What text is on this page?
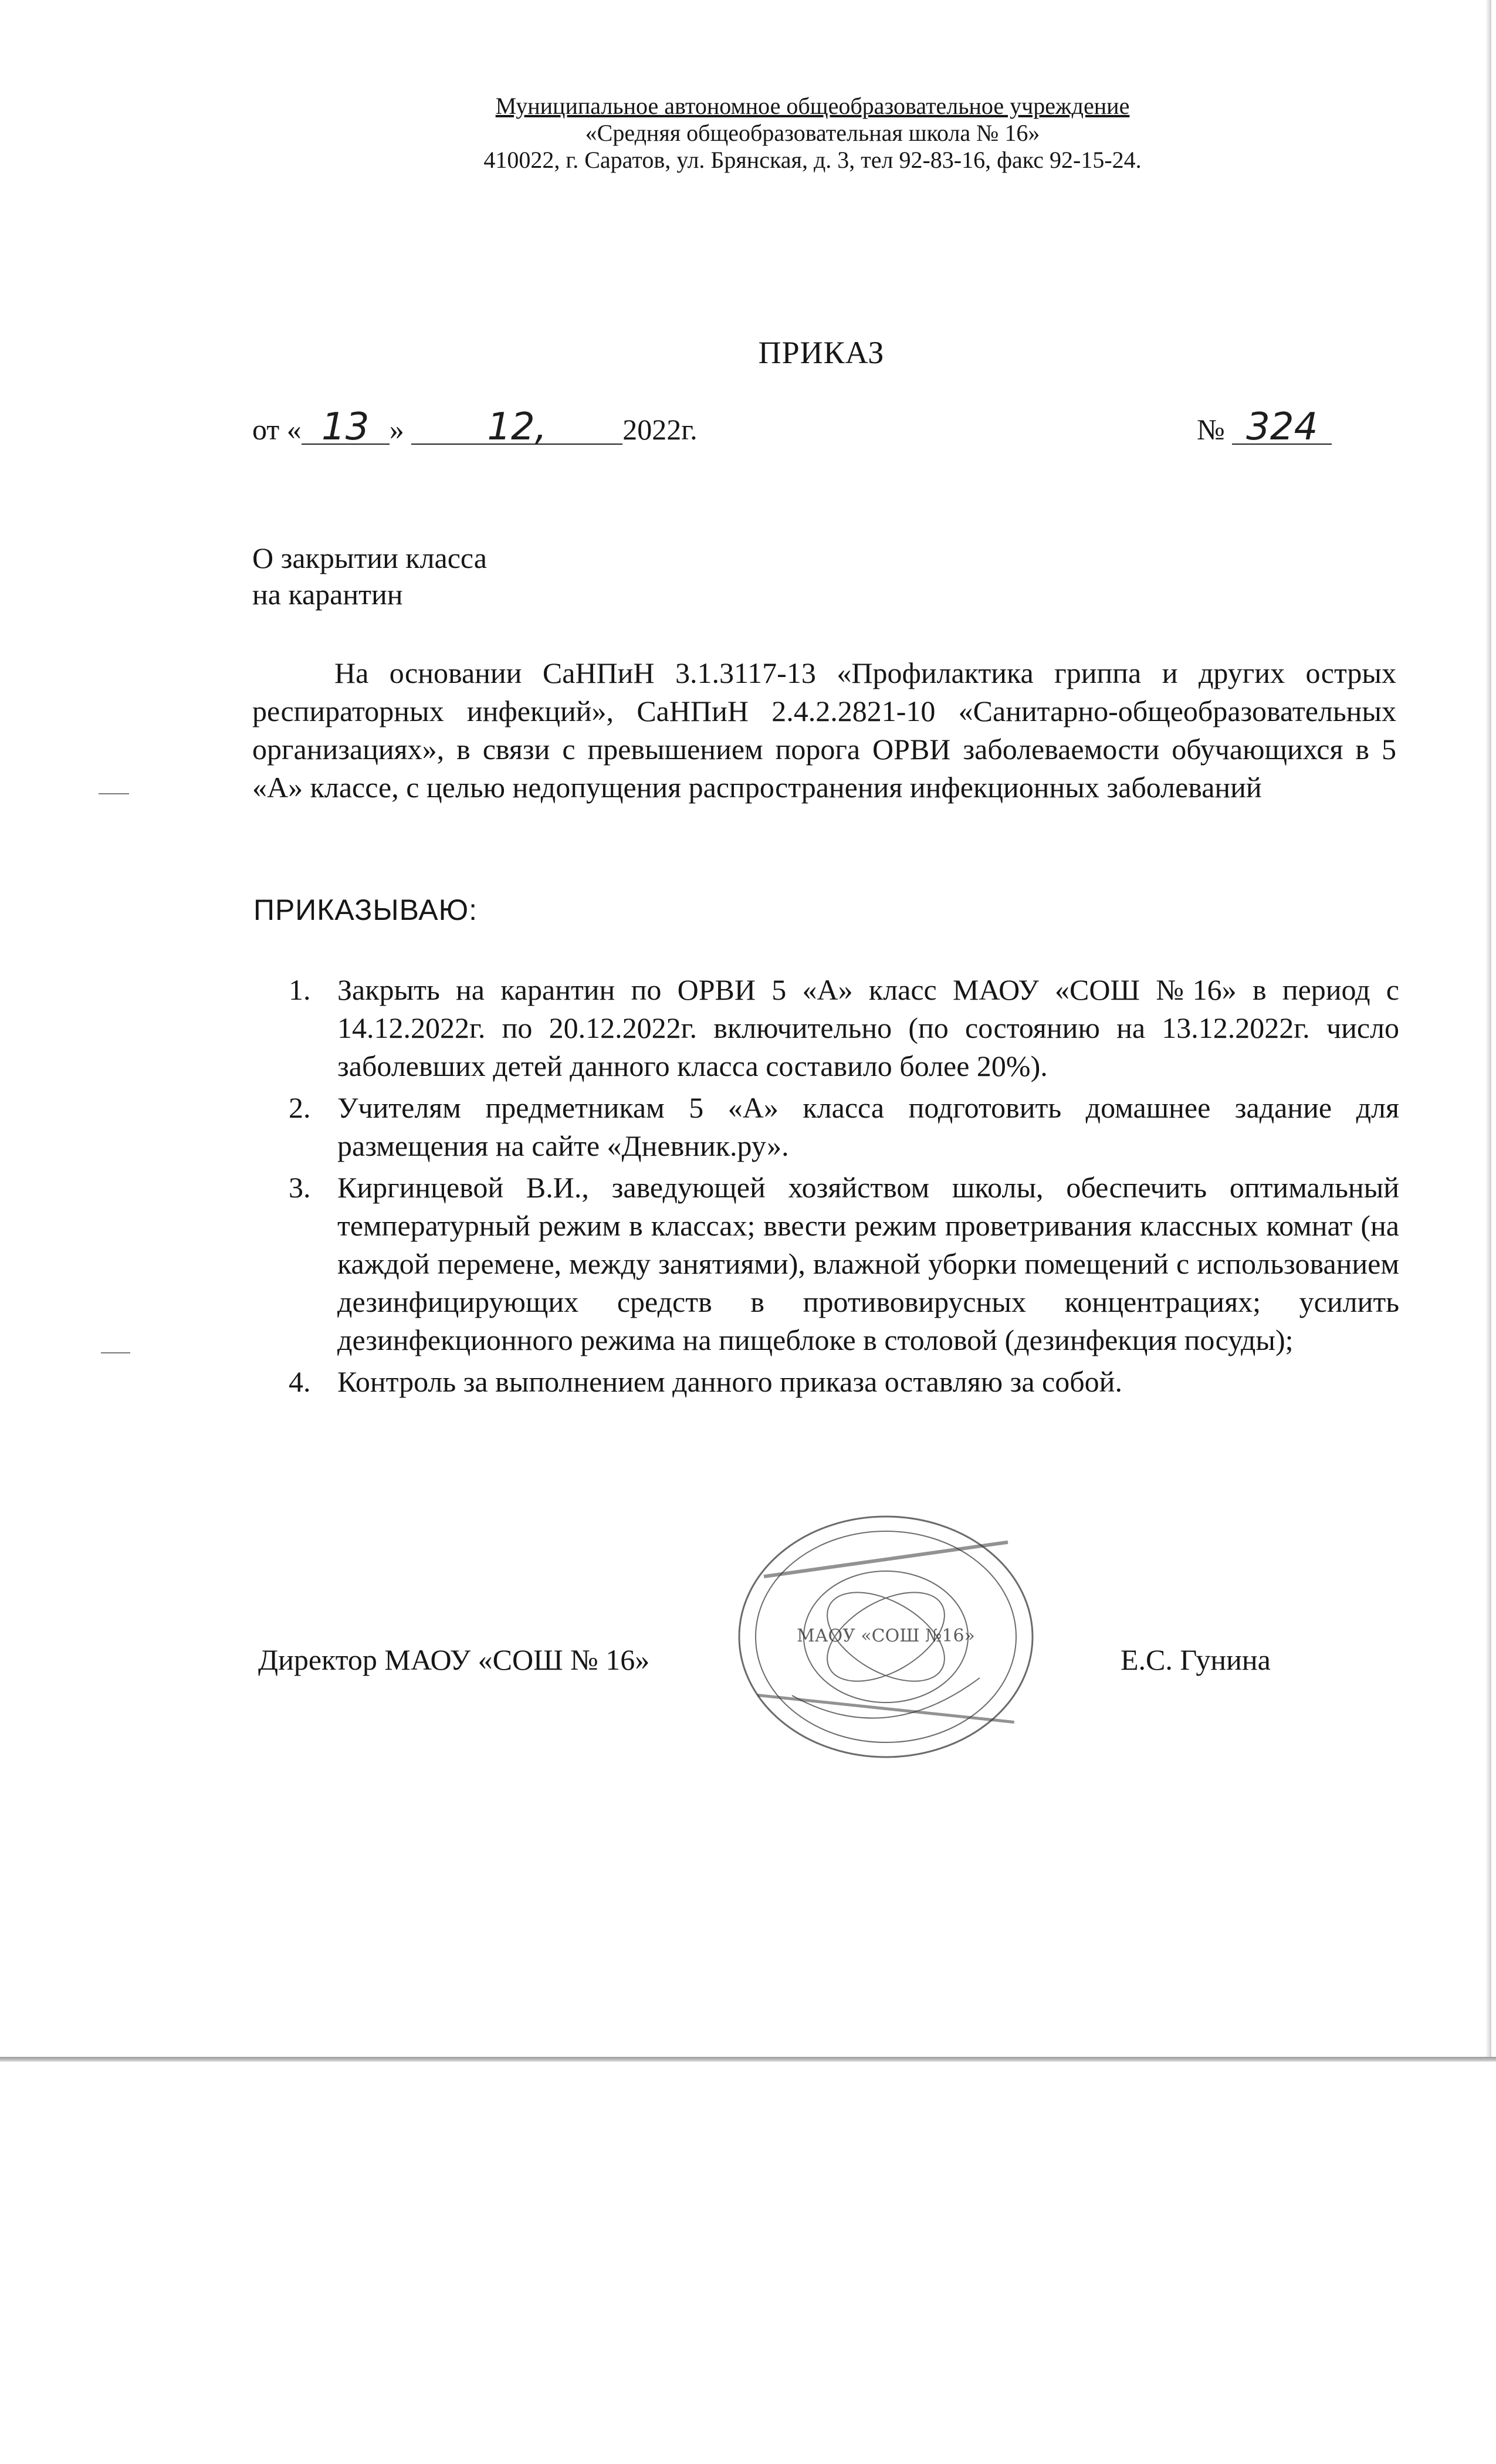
Муниципальное автономное общеобразовательное учреждение
«Средняя общеобразовательная школа № 16»
410022, г. Саратов, ул. Брянская, д. 3, тел 92-83-16, факс 92-15-24.
ПРИКАЗ
от « 13 » 12,	2022г.	№ 324
О закрытии класса
на карантин
На основании СаНПиН 3.1.3117-13 «Профилактика гриппа и других острых респираторных инфекций», СаНПиН 2.4.2.2821-10 «Санитарно-общеобразовательных организациях», в связи с превышением порога ОРВИ заболеваемости обучающихся в 5 «А» классе, с целью недопущения распространения инфекционных заболеваний
ПРИКАЗЫВАЮ:
1. Закрыть на карантин по ОРВИ 5 «А» класс МАОУ «СОШ №16» в период с 14.12.2022г. по 20.12.2022г. включительно (по состоянию на 13.12.2022г. число заболевших детей данного класса составило более 20%).
2. Учителям предметникам 5 «А» класса подготовить домашнее задание для размещения на сайте «Дневник.ру».
3. Киргинцевой В.И., заведующей хозяйством школы, обеспечить оптимальный температурный режим в классах; ввести режим проветривания классных комнат (на каждой перемене, между занятиями), влажной уборки помещений с использованием дезинфицирующих средств в противовирусных концентрациях; усилить дезинфекционного режима на пищеблоке в столовой (дезинфекция посуды);
4. Контроль за выполнением данного приказа оставляю за собой.
МАОУ «СОШ №16»
Директор МАОУ «СОШ № 16»	Е.С. Гунина
